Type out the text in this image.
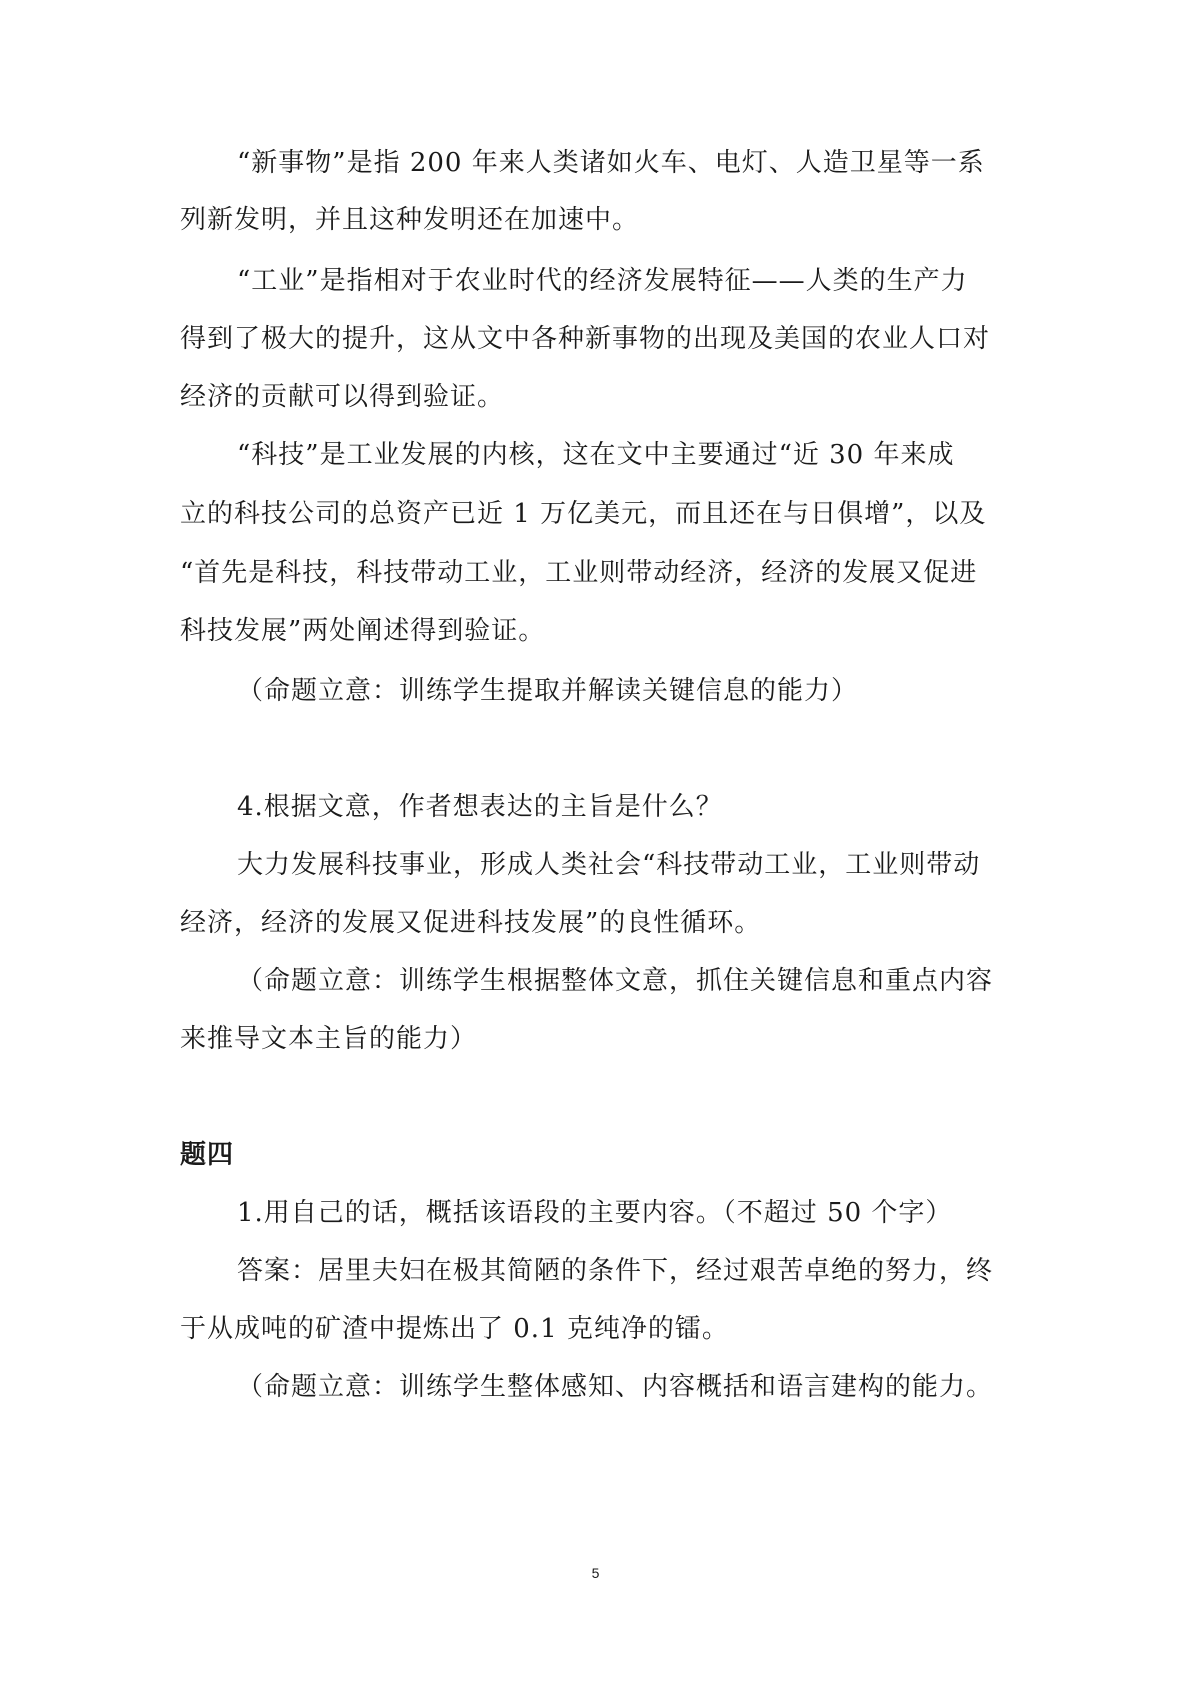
“新事物”是指 200 年来人类诸如火车、电灯、人造卫星等一系
列新发明，并且这种发明还在加速中。
“工业”是指相对于农业时代的经济发展特征——人类的生产力
得到了极大的提升，这从文中各种新事物的出现及美国的农业人口对
经济的贡献可以得到验证。
“科技”是工业发展的内核，这在文中主要通过“近 30 年来成
立的科技公司的总资产已近 1 万亿美元，而且还在与日俱增”，以及
“首先是科技，科技带动工业，工业则带动经济，经济的发展又促进
科技发展”两处阐述得到验证。
（命题立意：训练学生提取并解读关键信息的能力）
4.根据文意，作者想表达的主旨是什么？
大力发展科技事业，形成人类社会“科技带动工业，工业则带动
经济，经济的发展又促进科技发展”的良性循环。
（命题立意：训练学生根据整体文意，抓住关键信息和重点内容
来推导文本主旨的能力）
题四
1.用自己的话，概括该语段的主要内容。（不超过 50 个字）
答案：居里夫妇在极其简陋的条件下，经过艰苦卓绝的努力，终
于从成吨的矿渣中提炼出了 0.1 克纯净的镭。
（命题立意：训练学生整体感知、内容概括和语言建构的能力。
5
